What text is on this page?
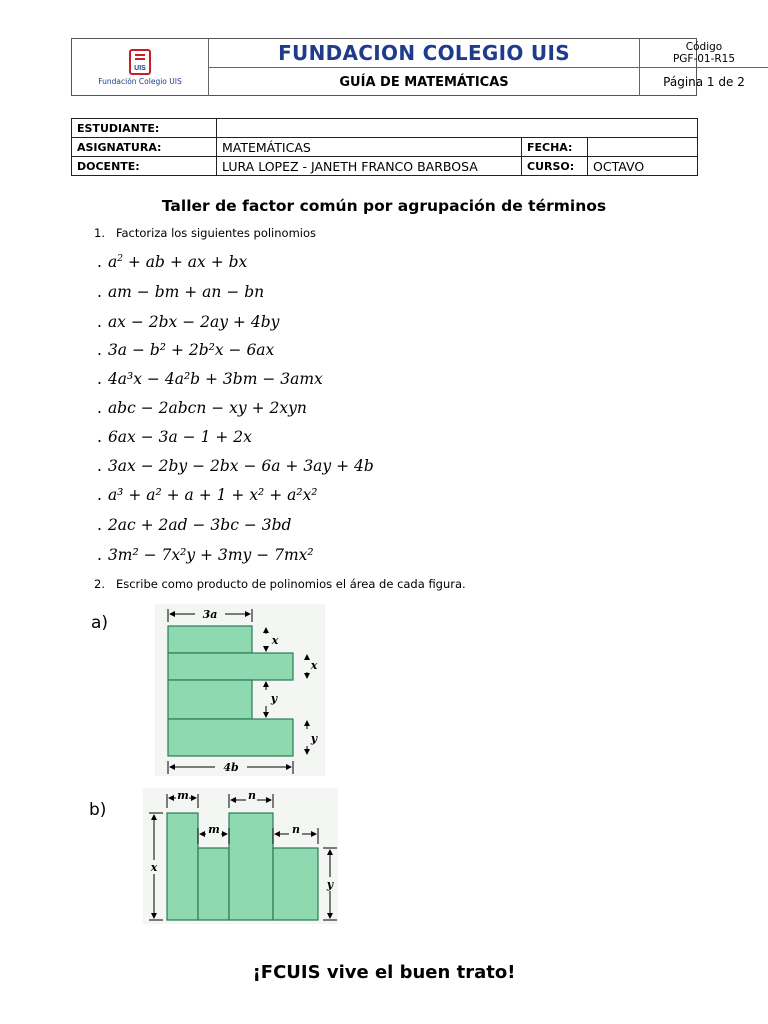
UIS
Fundación Colegio UIS
FUNDACION COLEGIO UIS
GUÍA DE MATEMÁTICAS
Código
PGF-01-R15
Página 1 de 2
ESTUDIANTE:			
ASIGNATURA:	MATEMÁTICAS	FECHA:	
DOCENTE:	LURA LOPEZ - JANETH FRANCO BARBOSA	CURSO:	OCTAVO
Taller de factor común por agrupación de términos
1.   Factoriza los siguientes polinomios
. $a^2$ + ab + ax + bx
. am − bm + an − bn
. ax − 2bx − 2ay + 4by
. 3a − b² + 2b²x − 6ax
. 4a³x − 4a²b + 3bm − 3amx
. abc − 2abcn − xy + 2xyn
. 6ax − 3a − 1 + 2x
. 3ax − 2by − 2bx − 6a + 3ay + 4b
. a³ + a² + a + 1 + x² + a²x²
. 2ac + 2ad − 3bc − 3bd
. 3m² − 7x²y + 3my − 7mx²
2.   Escribe como producto de polinomios el área de cada figura.
a)	3a
4b
x
x
y
y
b)
m	n
m	n
x
y
¡FCUIS vive el buen trato!
